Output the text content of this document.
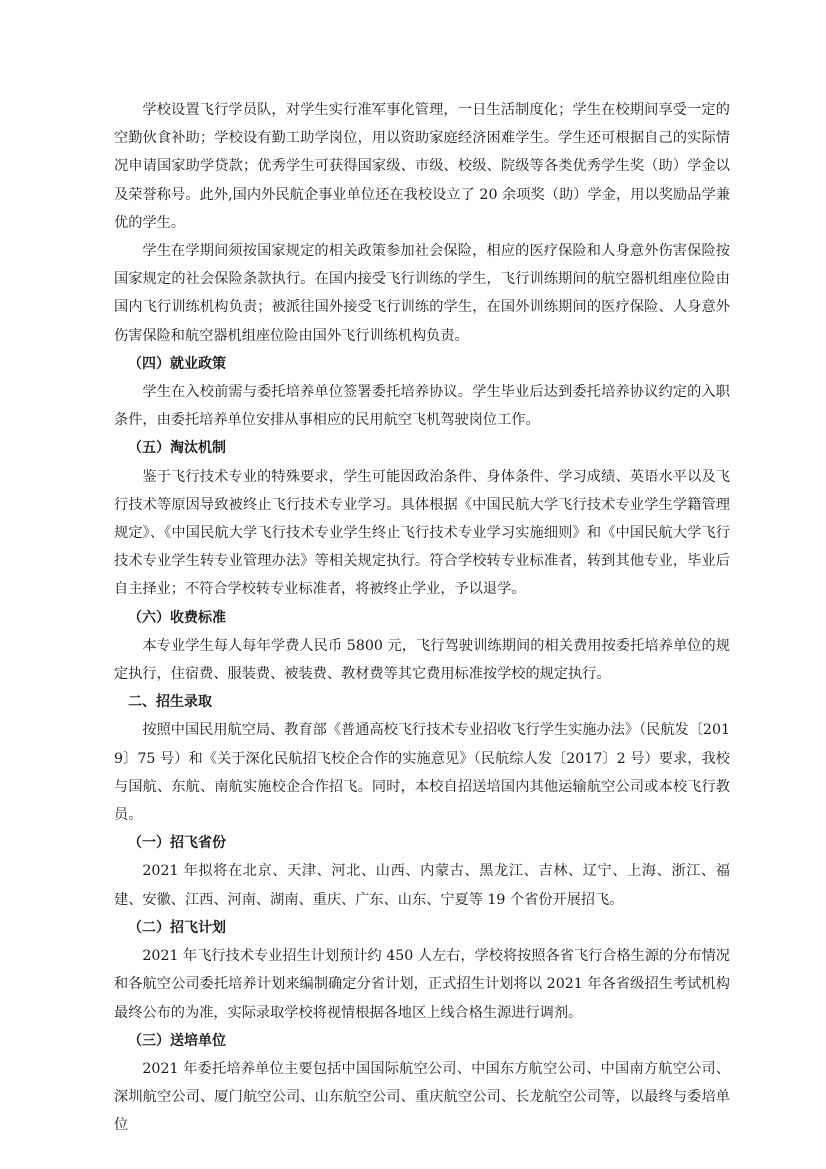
学校设置飞行学员队，对学生实行准军事化管理，一日生活制度化；学生在校期间享受一定的空勤伙食补助；学校设有勤工助学岗位，用以资助家庭经济困难学生。学生还可根据自己的实际情况申请国家助学贷款；优秀学生可获得国家级、市级、校级、院级等各类优秀学生奖（助）学金以及荣誉称号。此外,国内外民航企事业单位还在我校设立了 20 余项奖（助）学金，用以奖励品学兼优的学生。

学生在学期间须按国家规定的相关政策参加社会保险，相应的医疗保险和人身意外伤害保险按国家规定的社会保险条款执行。在国内接受飞行训练的学生，飞行训练期间的航空器机组座位险由国内飞行训练机构负责；被派往国外接受飞行训练的学生，在国外训练期间的医疗保险、人身意外伤害保险和航空器机组座位险由国外飞行训练机构负责。

（四）就业政策

学生在入校前需与委托培养单位签署委托培养协议。学生毕业后达到委托培养协议约定的入职条件，由委托培养单位安排从事相应的民用航空飞机驾驶岗位工作。

（五）淘汰机制

鉴于飞行技术专业的特殊要求，学生可能因政治条件、身体条件、学习成绩、英语水平以及飞行技术等原因导致被终止飞行技术专业学习。具体根据《中国民航大学飞行技术专业学生学籍管理规定》、《中国民航大学飞行技术专业学生终止飞行技术专业学习实施细则》和《中国民航大学飞行技术专业学生转专业管理办法》等相关规定执行。符合学校转专业标准者，转到其他专业，毕业后自主择业；不符合学校转专业标准者，将被终止学业，予以退学。

（六）收费标准

本专业学生每人每年学费人民币 5800 元，飞行驾驶训练期间的相关费用按委托培养单位的规定执行，住宿费、服装费、被装费、教材费等其它费用标准按学校的规定执行。

二、招生录取

按照中国民用航空局、教育部《普通高校飞行技术专业招收飞行学生实施办法》（民航发〔2019〕75 号）和《关于深化民航招飞校企合作的实施意见》（民航综人发〔2017〕2 号）要求，我校与国航、东航、南航实施校企合作招飞。同时，本校自招送培国内其他运输航空公司或本校飞行教员。

（一）招飞省份

2021 年拟将在北京、天津、河北、山西、内蒙古、黑龙江、吉林、辽宁、上海、浙江、福建、安徽、江西、河南、湖南、重庆、广东、山东、宁夏等 19 个省份开展招飞。

（二）招飞计划

2021 年飞行技术专业招生计划预计约 450 人左右，学校将按照各省飞行合格生源的分布情况和各航空公司委托培养计划来编制确定分省计划，正式招生计划将以 2021 年各省级招生考试机构最终公布的为准，实际录取学校将视情根据各地区上线合格生源进行调剂。

（三）送培单位

2021 年委托培养单位主要包括中国国际航空公司、中国东方航空公司、中国南方航空公司、深圳航空公司、厦门航空公司、山东航空公司、重庆航空公司、长龙航空公司等，以最终与委培单位
